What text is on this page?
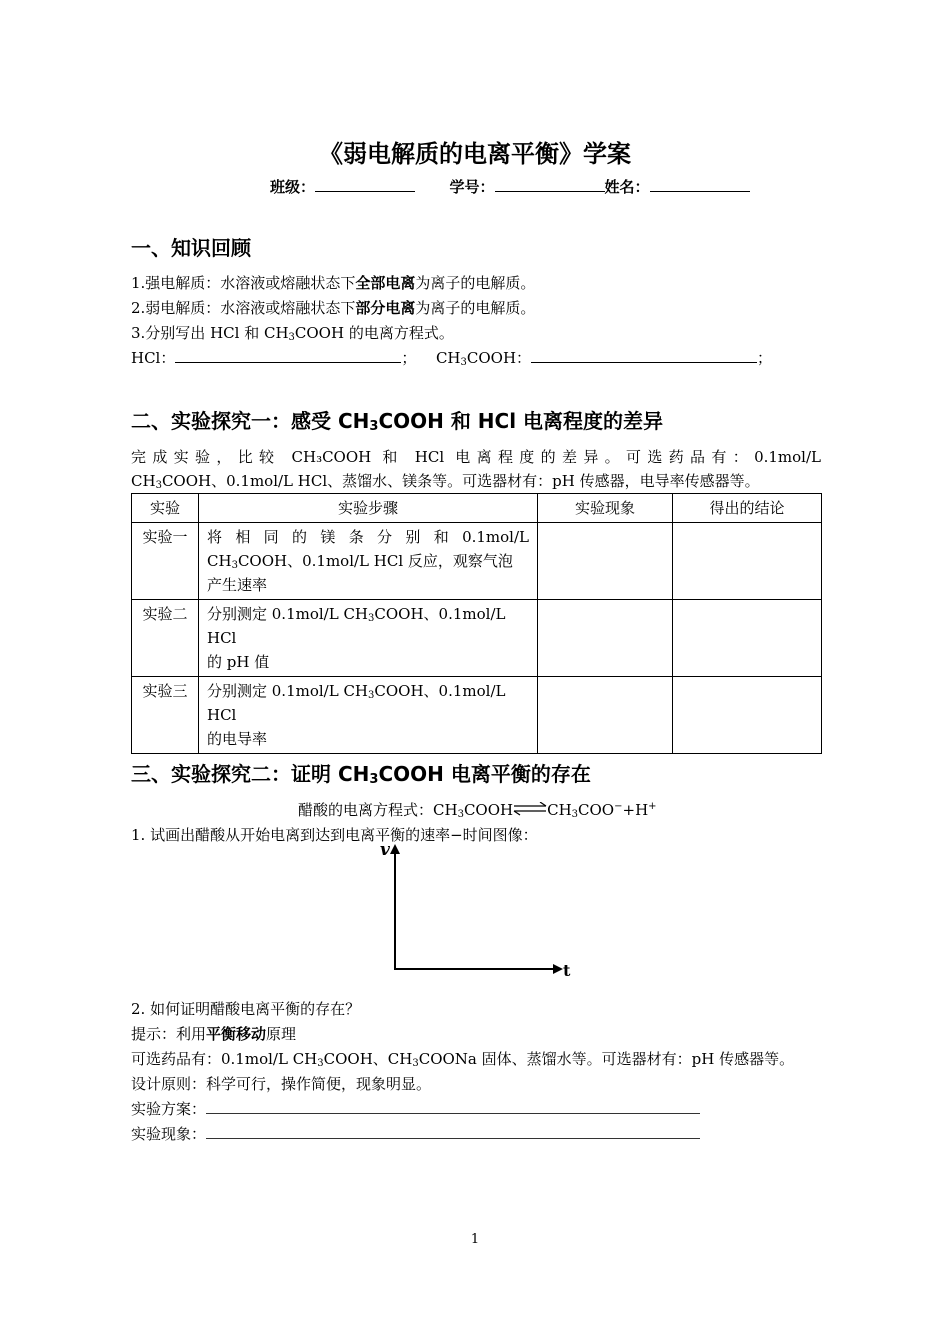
《弱电解质的电离平衡》学案
班级：	学号：	姓名：
一、知识回顾
1.强电解质：水溶液或熔融状态下全部电离为离子的电解质。
2.弱电解质：水溶液或熔融状态下部分电离为离子的电解质。
3.分别写出 HCl 和 $CH_3COOH$ 的电离方程式。
HCl：	； $CH_3COOH$：	；
二、实验探究一：感受 $CH_3COOH$ 和 HCl 电离程度的差异
完成实验，比较 CH₃COOH 和 HCl 电离程度的差异。可选药品有：0.1mol/L
$CH_3COOH$、0.1mol/L HCl、蒸馏水、镁条等。可选器材有：pH 传感器，电导率传感器等。
实验	实验步骤	实验现象	得出的结论
实验一	将 相 同 的 镁 条 分 别 和 0.1mol/L
$CH_3COOH$、0.1mol/L HCl 反应，观察气泡
产生速率		

实验二	分别测定 0.1mol/L $CH_3COOH$、0.1mol/L HCl
的 pH 值		

实验三	分别测定 0.1mol/L $CH_3COOH$、0.1mol/L HCl
的电导率		

三、实验探究二：证明 $CH_3COOH$ 电离平衡的存在
醋酸的电离方程式：$CH_3COOH\rightleftharpoons CH_3COO^-+H^+$
1. 试画出醋酸从开始电离到达到电离平衡的速率−时间图像：
v
t
2. 如何证明醋酸电离平衡的存在？
提示：利用平衡移动原理
可选药品有：0.1mol/L $CH_3COOH$、$CH_3COONa$ 固体、蒸馏水等。可选器材有：pH 传感器等。
设计原则：科学可行，操作简便，现象明显。
实验方案：
实验现象：
1
